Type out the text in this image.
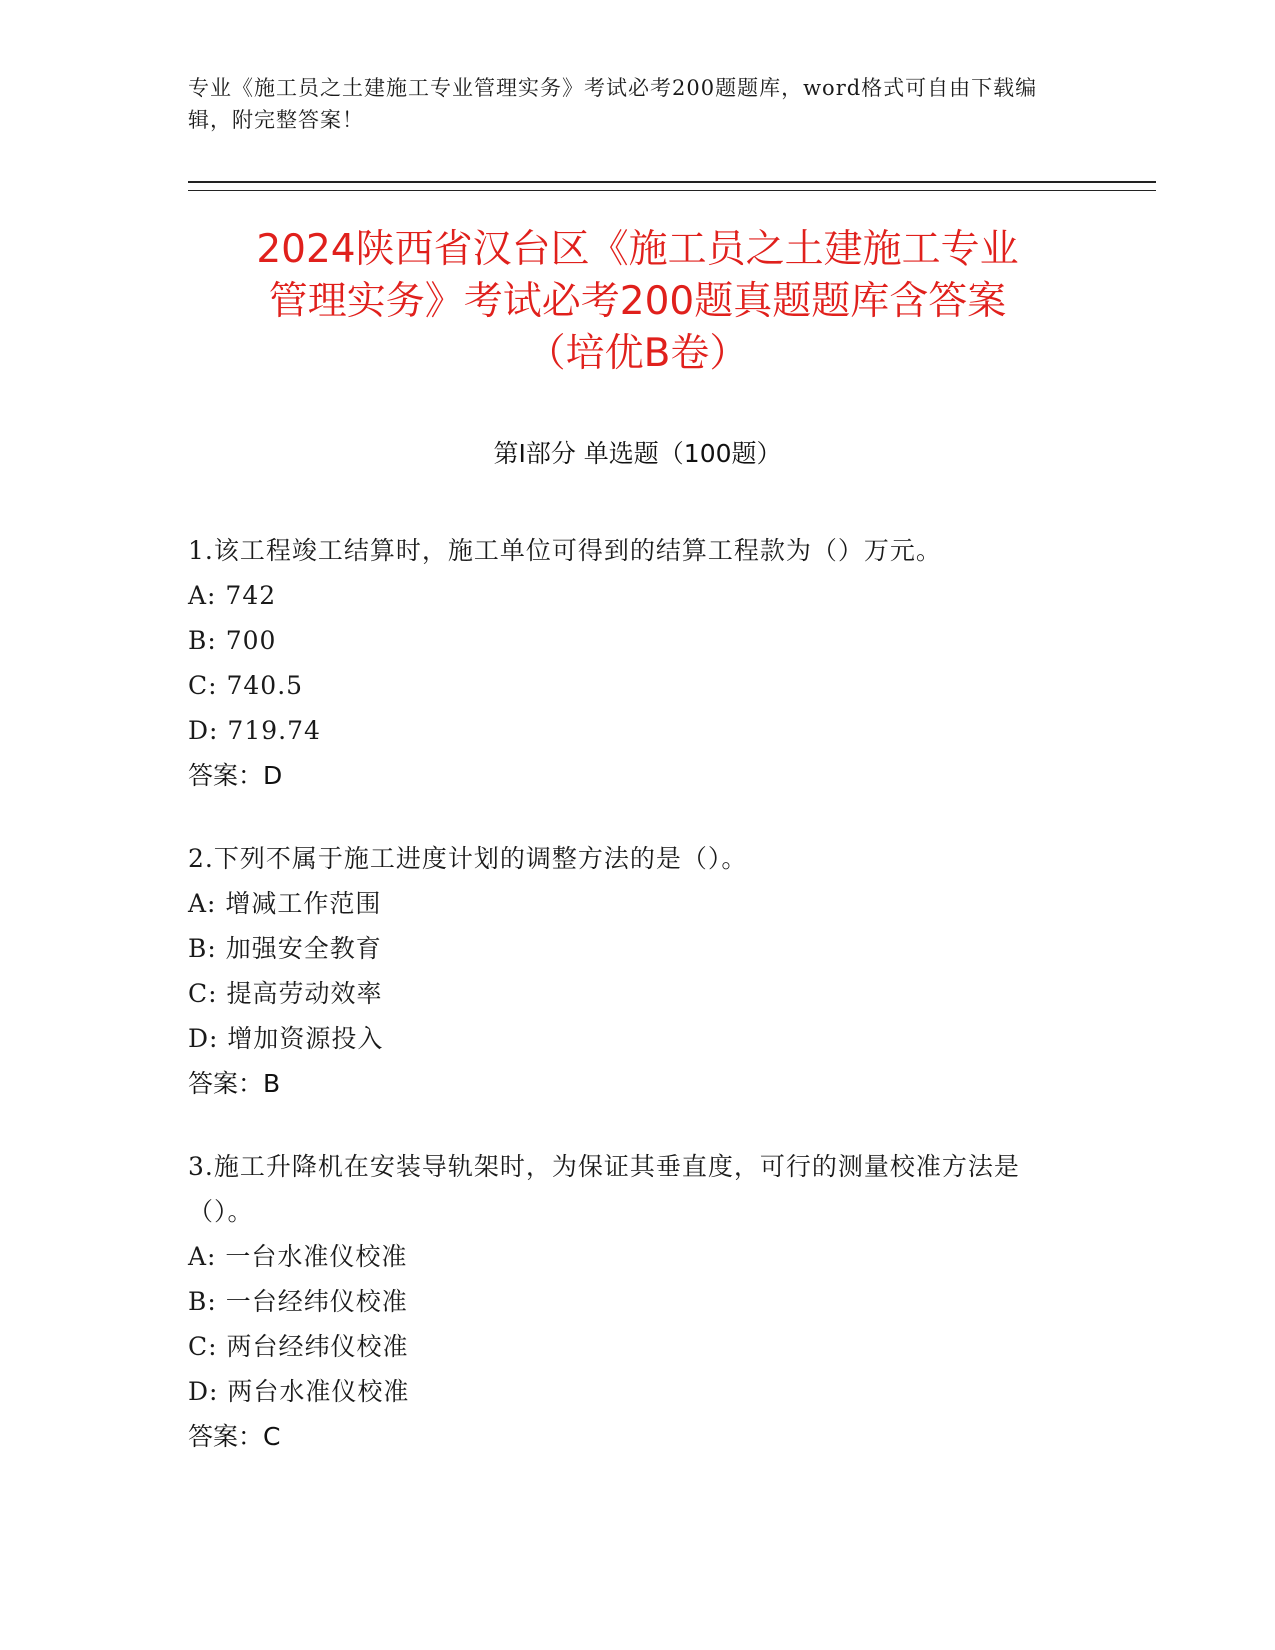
专业《施工员之土建施工专业管理实务》考试必考200题题库，word格式可自由下载编辑，附完整答案！
2024陕西省汉台区《施工员之土建施工专业
管理实务》考试必考200题真题题库含答案
（培优B卷）
第I部分 单选题（100题）
1.该工程竣工结算时，施工单位可得到的结算工程款为（）万元。
A: 742
B: 700
C: 740.5
D: 719.74
答案：D
2.下列不属于施工进度计划的调整方法的是（）。
A: 增减工作范围
B: 加强安全教育
C: 提高劳动效率
D: 增加资源投入
答案：B
3.施工升降机在安装导轨架时，为保证其垂直度，可行的测量校准方法是（）。
A: 一台水准仪校准
B: 一台经纬仪校准
C: 两台经纬仪校准
D: 两台水准仪校准
答案：C
